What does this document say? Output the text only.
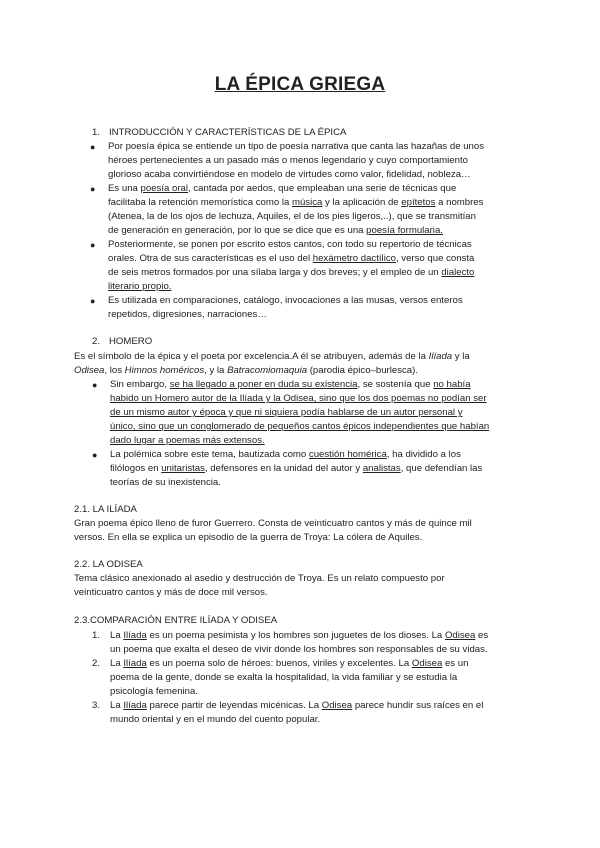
LA ÉPICA GRIEGA
1. INTRODUCCIÓN Y CARACTERÍSTICAS DE LA ÉPICA
● Por poesía épica se entiende un tipo de poesía narrativa que canta las hazañas de unos
héroes pertenecientes a un pasado más o menos legendario y cuyo comportamiento
glorioso acaba convirtiéndose en modelo de virtudes como valor, fidelidad, nobleza…
● Es una poesía oral, cantada por aedos, que empleaban una serie de técnicas que
facilitaba la retención memorística como la música y la aplicación de epítetos a nombres
(Atenea, la de los ojos de lechuza, Aquiles, el de los pies ligeros,..), que se transmitían
de generación en generación, por lo que se dice que es una poesía formularia.
● Posteriormente, se ponen por escrito estos cantos, con todo su repertorio de técnicas
orales. Otra de sus características es el uso del hexámetro dactílico, verso que consta
de seis metros formados por una sílaba larga y dos breves; y el empleo de un dialecto
literario propio.
● Es utilizada en comparaciones, catálogo, invocaciones a las musas, versos enteros
repetidos, digresiones, narraciones…
2. HOMERO
Es el símbolo de la épica y el poeta por excelencia.A él se atribuyen, además de la Ilíada y la
Odisea, los Himnos homéricos, y la Batracomiomaquia (parodia épico–burlesca).
● Sin embargo, se ha llegado a poner en duda su existencia, se sostenía que no había
habido un Homero autor de la Ilíada y la Odisea, sino que los dos poemas no podían ser
de un mismo autor y época y que ni siquiera podía hablarse de un autor personal y
único, sino que un conglomerado de pequeños cantos épicos independientes que habían
dado lugar a poemas más extensos.
● La polémica sobre este tema, bautizada como cuestión homérica, ha dividido a los
filólogos en unitaristas, defensores en la unidad del autor y analistas, que defendían las
teorías de su inexistencia.
2.1. LA ILÍADA
Gran poema épico lleno de furor Guerrero. Consta de veinticuatro cantos y más de quince mil
versos. En ella se explica un episodio de la guerra de Troya: La cólera de Aquiles.
2.2. LA ODISEA
Tema clásico anexionado al asedio y destrucción de Troya. Es un relato compuesto por
veinticuatro cantos y más de doce mil versos.
2.3.COMPARACIÓN ENTRE ILÍADA Y ODISEA
1. La Ilíada es un poema pesimista y los hombres son juguetes de los dioses. La Odisea es
un poema que exalta el deseo de vivir donde los hombres son responsables de su vidas.
2. La Ilíada es un poema solo de héroes: buenos, viriles y excelentes. La Odisea es un
poema de la gente, donde se exalta la hospitalidad, la vida familiar y se estudia la
psicología femenina.
3. La Ilíada parece partir de leyendas micénicas. La Odisea parece hundir sus raíces en el
mundo oriental y en el mundo del cuento popular.
